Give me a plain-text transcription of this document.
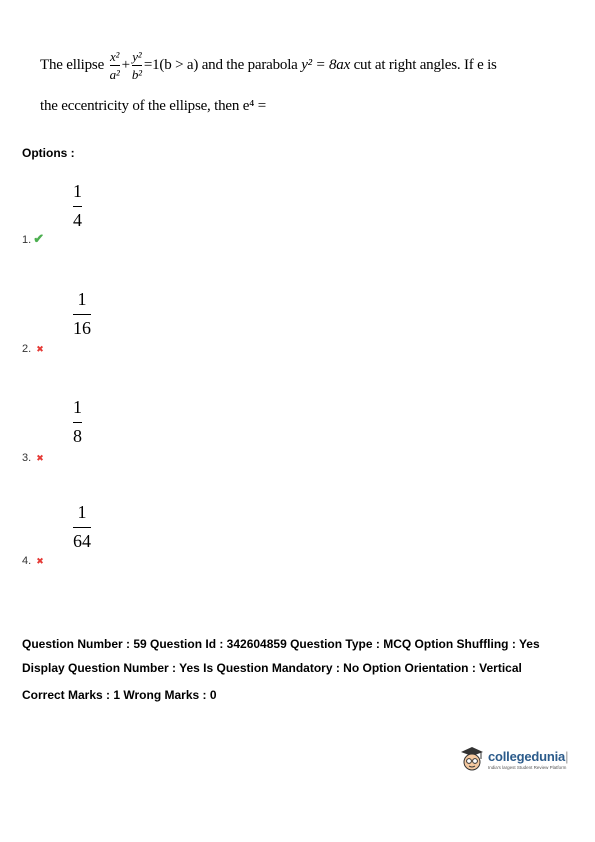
The ellipse
$\frac{\text{x²}}{\text{a²}} + \frac{\text{y²}}{\text{b²}} =1(b > a)$
and the parabola
y² = 8ax
cut at right angles. If e is
the eccentricity of the ellipse, then e⁴ =
Options :
1
4
1. ✔
1
16
2. ✖
1
8
3. ✖
1
64
4. ✖
Question Number : 59 Question Id : 342604859 Question Type : MCQ Option Shuffling : Yes
Display Question Number : Yes Is Question Mandatory : No Option Orientation : Vertical
Correct Marks : 1 Wrong Marks : 0
collegedunia|
India's largest Student Review Platform
